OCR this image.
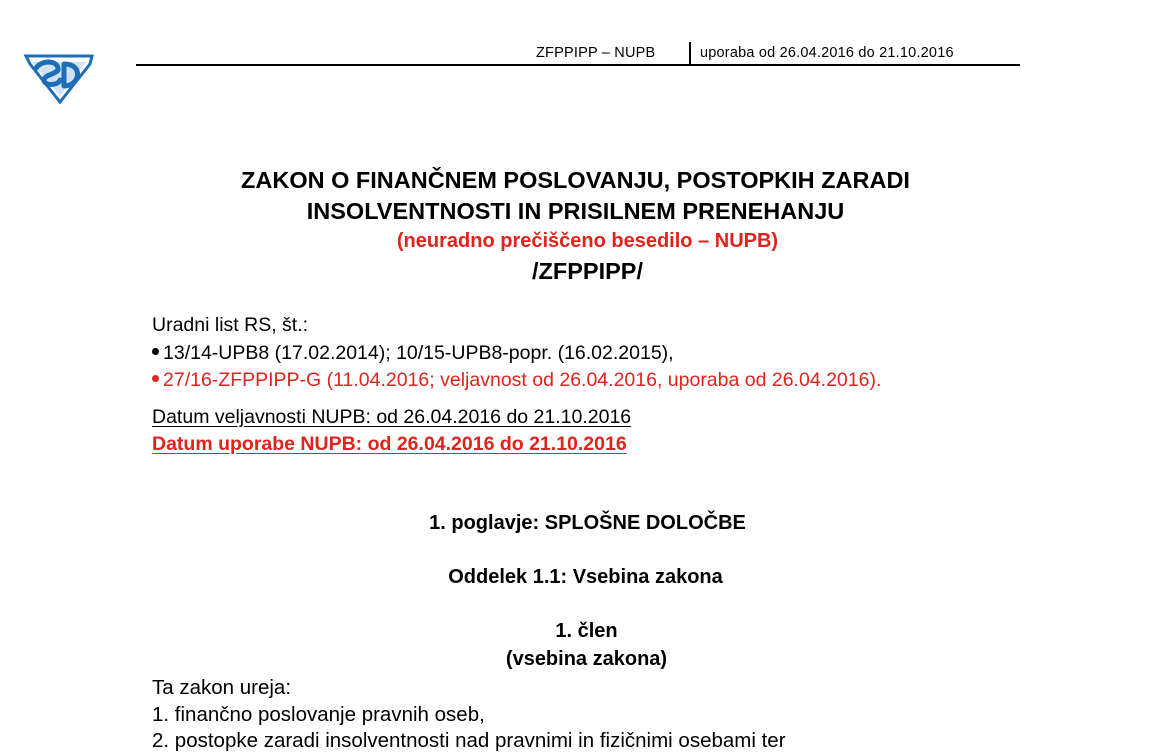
ZFPPIPP – NUPB	uporaba od 26.04.2016 do 21.10.2016
ZAKON O FINANČNEM POSLOVANJU, POSTOPKIH ZARADI
INSOLVENTNOSTI IN PRISILNEM PRENEHANJU
(neuradno prečiščeno besedilo – NUPB)
/ZFPPIPP/
Uradni list RS, št.:
13/14-UPB8 (17.02.2014); 10/15-UPB8-popr. (16.02.2015),
27/16-ZFPPIPP-G (11.04.2016; veljavnost od 26.04.2016, uporaba od 26.04.2016).
Datum veljavnosti NUPB: od 26.04.2016 do 21.10.2016
Datum uporabe NUPB: od 26.04.2016 do 21.10.2016
1. poglavje: SPLOŠNE DOLOČBE
Oddelek 1.1: Vsebina zakona
1. člen
(vsebina zakona)
Ta zakon ureja:
1. finančno poslovanje pravnih oseb,
2. postopke zaradi insolventnosti nad pravnimi in fizičnimi osebami ter
